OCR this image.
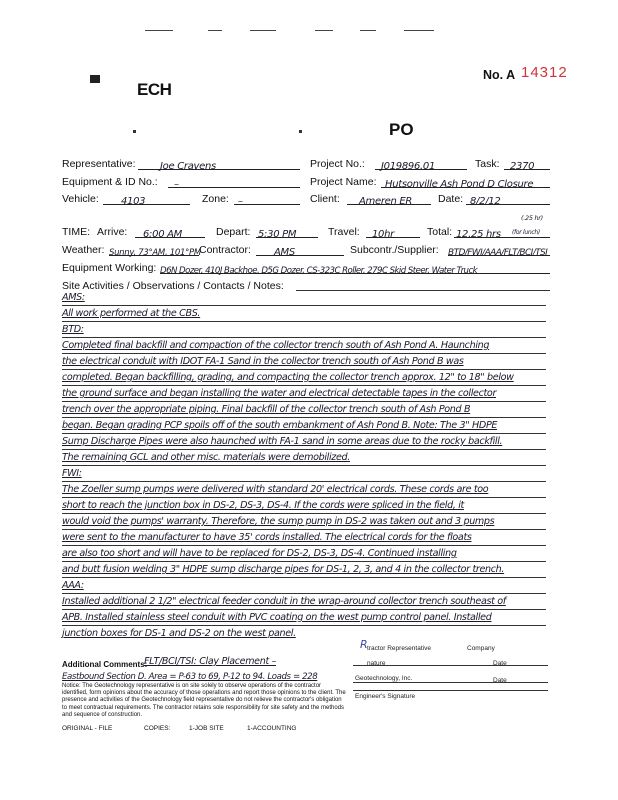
ECH
No. A 14312
PO
Representative:	Joe Cravens	Project No.:	J019896.01	Task:	2370
Equipment & ID No.:	–	Project Name: Hutsonville Ash Pond D Closure
Vehicle:	4103	Zone: –	Client:	Ameren ER	Date: 8/2/12
TIME: Arrive:	6:00 AM	Depart: 5:30 PM	Travel:	10hr	Total: 12.25 hrs
(.25 hr)
(for lunch)
Weather: Sunny, 73°AM, 101°PM
Contractor:	AMS	Subcontr./Supplier: BTD/FWI/AAA/FLT/BCI/TSI
Equipment Working: D6N Dozer, 410J Backhoe, D5G Dozer, CS-323C Roller, 279C Skid Steer, Water Truck
Site Activities / Observations / Contacts / Notes:
AMS:
All work performed at the CBS.
BTD:
Completed final backfill and compaction of the collector trench south of Ash Pond A. Haunching
the electrical conduit with IDOT FA-1 Sand in the collector trench south of Ash Pond B was
completed. Began backfilling, grading, and compacting the collector trench approx. 12" to 18" below
the ground surface and began installing the water and electrical detectable tapes in the collector
trench over the appropriate piping. Final backfill of the collector trench south of Ash Pond B
began. Began grading PCP spoils off of the south embankment of Ash Pond B. Note: The 3" HDPE
Sump Discharge Pipes were also haunched with FA-1 sand in some areas due to the rocky backfill.
The remaining GCL and other misc. materials were demobilized.
FWI:
The Zoeller sump pumps were delivered with standard 20' electrical cords. These cords are too
short to reach the junction box in DS-2, DS-3, DS-4. If the cords were spliced in the field, it
would void the pumps' warranty. Therefore, the sump pump in DS-2 was taken out and 3 pumps
were sent to the manufacturer to have 35' cords installed. The electrical cords for the floats
are also too short and will have to be replaced for DS-2, DS-3, DS-4. Continued installing
and butt fusion welding 3" HDPE sump discharge pipes for DS-1, 2, 3, and 4 in the collector trench.
AAA:
Installed additional 2 1/2" electrical feeder conduit in the wrap-around collector trench southeast of
APB. Installed stainless steel conduit with PVC coating on the west pump control panel. Installed
junction boxes for DS-1 and DS-2 on the west panel.
Additional Comments:
FLT/BCI/TSI: Clay Placement –
Eastbound Section D. Area = P-63 to 69, P-12 to 94. Loads = 228
R tractor Representative	Company
nature	Date
Geotechnology, Inc.	Date
Engineer's Signature
Notice: The Geotechnology representative is on site solely to observe operations of the contractor identified, form opinions about the accuracy of those operations and report those opinions to the client. The presence and activities of the Geotechnology field representative do not relieve the contractor's obligation to meet contractual requirements. The contractor retains sole responsibility for site safety and the methods and sequence of construction.
ORIGINAL - FILE	COPIES:	1-JOB SITE	1-ACCOUNTING
